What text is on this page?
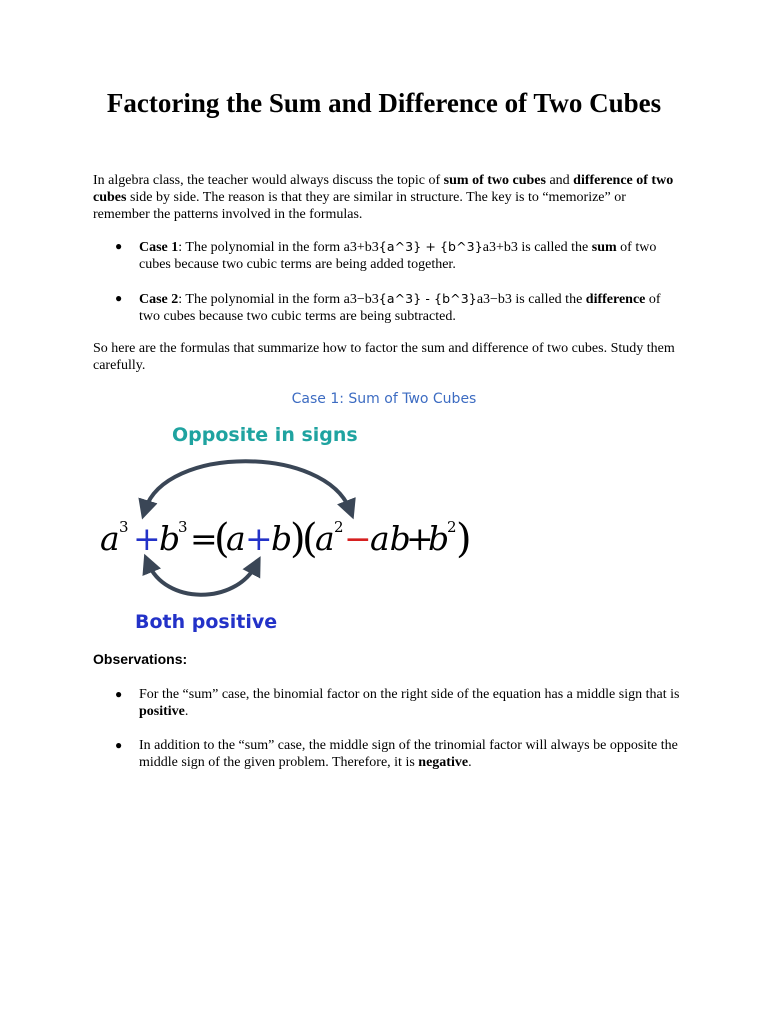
Factoring the Sum and Difference of Two Cubes
In algebra class, the teacher would always discuss the topic of sum of two cubes and difference of two cubes side by side. The reason is that they are similar in structure. The key is to “memorize” or remember the patterns involved in the formulas.
● Case 1: The polynomial in the form a3+b3{a^3} + {b^3}a3+b3 is called the sum of two cubes because two cubic terms are being added together.
● Case 2: The polynomial in the form a3−b3{a^3} - {b^3}a3−b3 is called the difference of two cubes because two cubic terms are being subtracted.
So here are the formulas that summarize how to factor the sum and difference of two cubes. Study them carefully.
Case 1: Sum of Two Cubes
Opposite in signs
a 3 +
b
3 =
(
a +
b
)
(
a 2 −
ab
+
b
2 )
Both positive
Observations:
● For the “sum” case, the binomial factor on the right side of the equation has a middle sign that is positive.
● In addition to the “sum” case, the middle sign of the trinomial factor will always be opposite the middle sign of the given problem. Therefore, it is negative.
